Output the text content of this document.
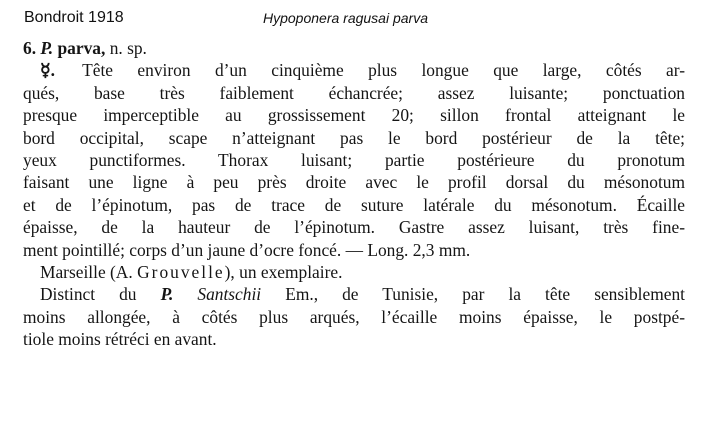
Bondroit 1918	Hypoponera ragusai parva
6. P. parva, n. sp.
☿. Tête environ d’un cinquième plus longue que large, côtés ar-
qués, base très faiblement échancrée; assez luisante; ponctuation
presque imperceptible au grossissement 20; sillon frontal atteignant le
bord occipital, scape n’atteignant pas le bord postérieur de la tête;
yeux punctiformes. Thorax luisant; partie postérieure du pronotum
faisant une ligne à peu près droite avec le profil dorsal du mésonotum
et de l’épinotum, pas de trace de suture latérale du mésonotum. Écaille
épaisse, de la hauteur de l’épinotum. Gastre assez luisant, très fine-
ment pointillé; corps d’un jaune d’ocre foncé. — Long. 2,3 mm.
Marseille (A. Grouvelle), un exemplaire.
Distinct du P. Santschii Em., de Tunisie, par la tête sensiblement
moins allongée, à côtés plus arqués, l’écaille moins épaisse, le postpé-
tiole moins rétréci en avant.
